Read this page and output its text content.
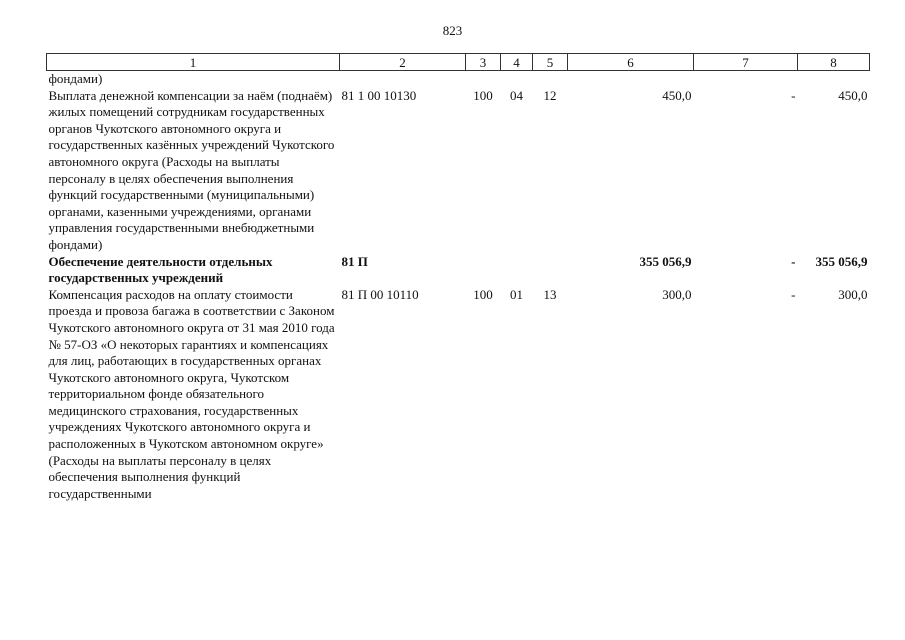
823
1	2	3	4	5	6	7	8
фондами)							
Выплата денежной компенсации за наём (поднаём) жилых помещений сотрудникам государственных органов Чукотского автономного округа и государственных казённых учреждений Чукотского автономного округа (Расходы на выплаты персоналу в целях обеспечения выполнения функций государственными (муниципальными) органами, казенными учреждениями, органами управления государственными внебюджетными фондами)	81 1 00 10130	100	04	12	450,0	-	450,0
Обеспечение деятельности отдельных государственных учреждений	81 П				355 056,9	-	355 056,9
Компенсация расходов на оплату стоимости проезда и провоза багажа в соответствии с Законом Чукотского автономного округа от 31 мая 2010 года № 57-ОЗ «О некоторых гарантиях и компенсациях для лиц, работающих в государственных органах Чукотского автономного округа, Чукотском территориальном фонде обязательного медицинского страхования, государственных учреждениях Чукотского автономного округа и расположенных в Чукотском автономном округе» (Расходы на выплаты персоналу в целях обеспечения выполнения функций государственными	81 П 00 10110	100	01	13	300,0	-	300,0
